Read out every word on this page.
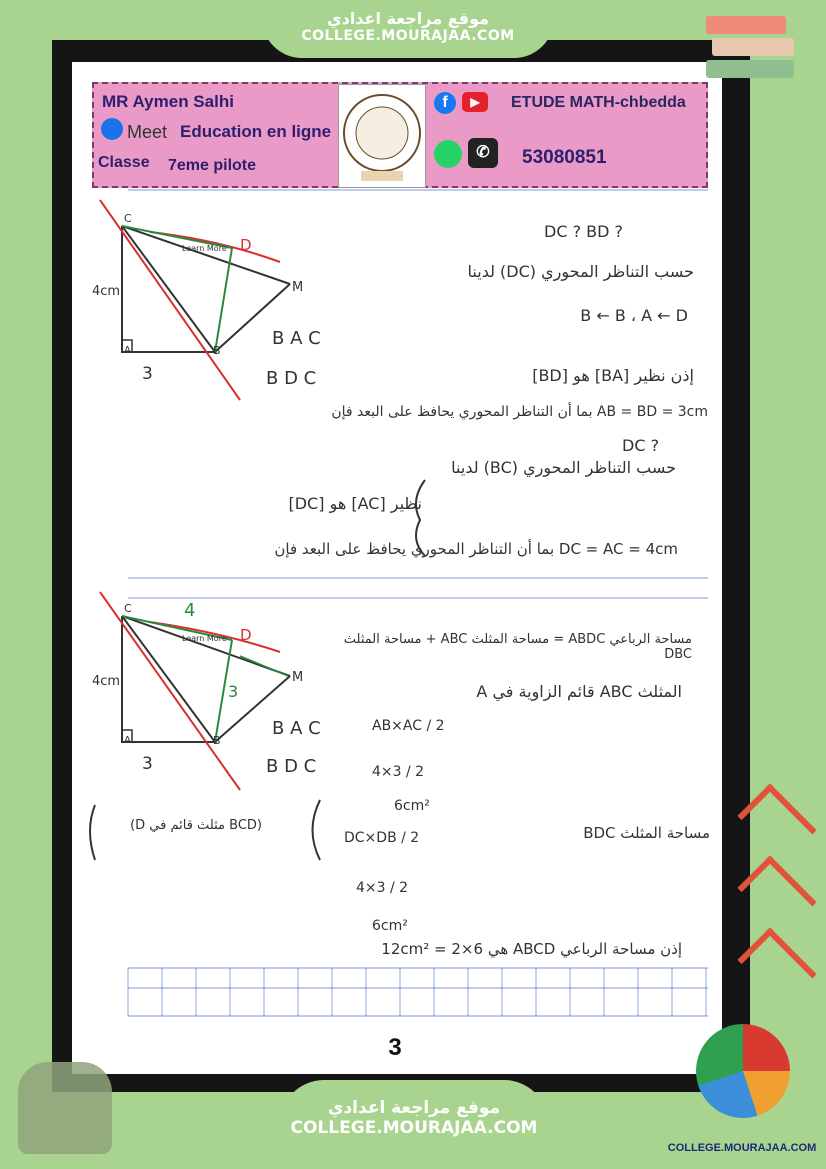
موقع مراجعة اعدادي
COLLEGE.MOURAJAA.COM
MR Aymen Salhi
Meet Education en ligne
Classe 7eme pilote
f	▶	ETUDE MATH-chbedda
✆	53080851
C
D
M
A	B
4cm
3
Learn More
B A C
B D C
C
D
M
A	B
4cm
3
Learn More
4
3
B A C
B D C
DC ? BD ?
حسب التناظر المحوري (DC) لدينا
B ← B ، A ← D
إذن نظير [BA] هو [BD]
AB = BD = 3cm بما أن التناظر المحوري يحافظ على البعد فإن
DC ?
حسب التناظر المحوري (BC) لدينا
نظير [AC] هو [DC]
DC = AC = 4cm بما أن التناظر المحوري يحافظ على البعد فإن
مساحة الرباعي ABDC = مساحة المثلث ABC + مساحة المثلث DBC
المثلث ABC قائم الزاوية في A
AB×AC / 2
4×3 / 2
6cm²
مساحة المثلث BDC
(BCD مثلث قائم في D)
DC×DB / 2
4×3 / 2
6cm²
إذن مساحة الرباعي ABCD هي 6×2 = 12cm²
3
COLLEGE.MOURAJAA.COM
موقع مراجعة اعدادي
COLLEGE.MOURAJAA.COM
